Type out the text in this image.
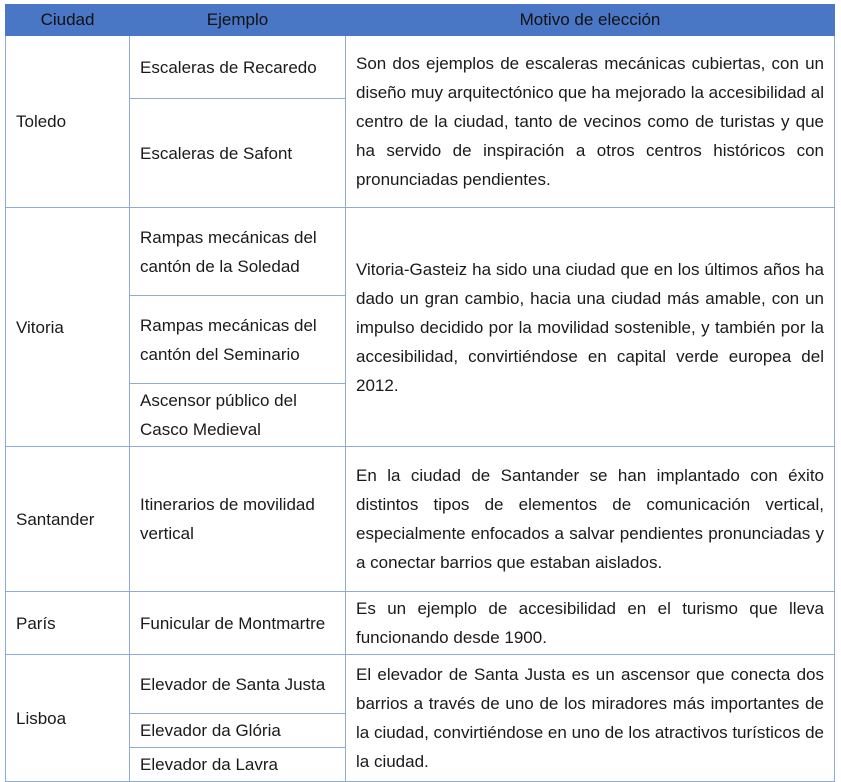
Ciudad	Ejemplo	Motivo de elección
Toledo	Escaleras de Recaredo	Son dos ejemplos de escaleras mecánicas cubiertas, con un diseño muy arquitectónico que ha mejorado la accesibilidad al centro de la ciudad, tanto de vecinos como de turistas y que ha servido de inspiración a otros centros históricos con pronunciadas pendientes.
	Escaleras de Safont	
Vitoria	Rampas mecánicas del cantón de la Soledad	Vitoria-Gasteiz ha sido una ciudad que en los últimos años ha dado un gran cambio, hacia una ciudad más amable, con un impulso decidido por la movilidad sostenible, y también por la accesibilidad, convirtiéndose en capital verde europea del 2012.
	Rampas mecánicas del cantón del Seminario	
	Ascensor público del Casco Medieval	
Santander	Itinerarios de movilidad vertical	En la ciudad de Santander se han implantado con éxito distintos tipos de elementos de comunicación vertical, especialmente enfocados a salvar pendientes pronunciadas y a conectar barrios que estaban aislados.
París	Funicular de Montmartre	Es un ejemplo de accesibilidad en el turismo que lleva funcionando desde 1900.
Lisboa	Elevador de Santa Justa	El elevador de Santa Justa es un ascensor que conecta dos barrios a través de uno de los miradores más importantes de la ciudad, convirtiéndose en uno de los atractivos turísticos de la ciudad.
	Elevador da Glória	
	Elevador da Lavra	
